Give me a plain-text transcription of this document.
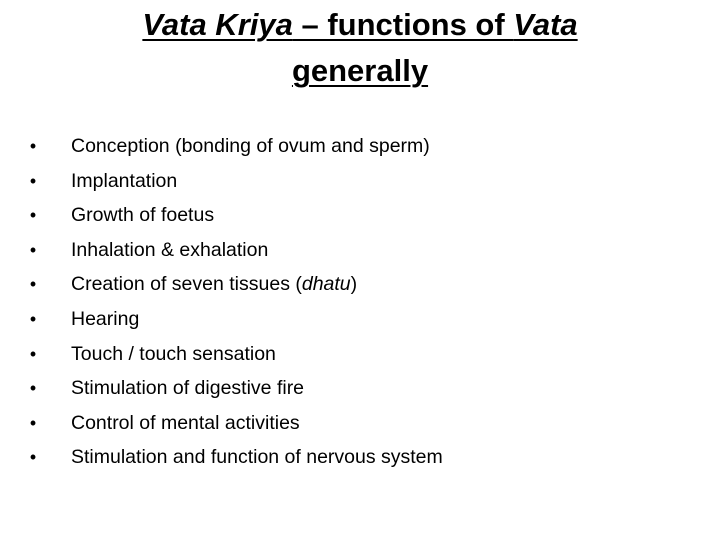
Vata Kriya – functions of Vata
generally
• Conception (bonding of ovum and sperm)
• Implantation
• Growth of foetus
• Inhalation & exhalation
• Creation of seven tissues (dhatu)
• Hearing
• Touch / touch sensation
• Stimulation of digestive fire
• Control of mental activities
• Stimulation and function of nervous system
